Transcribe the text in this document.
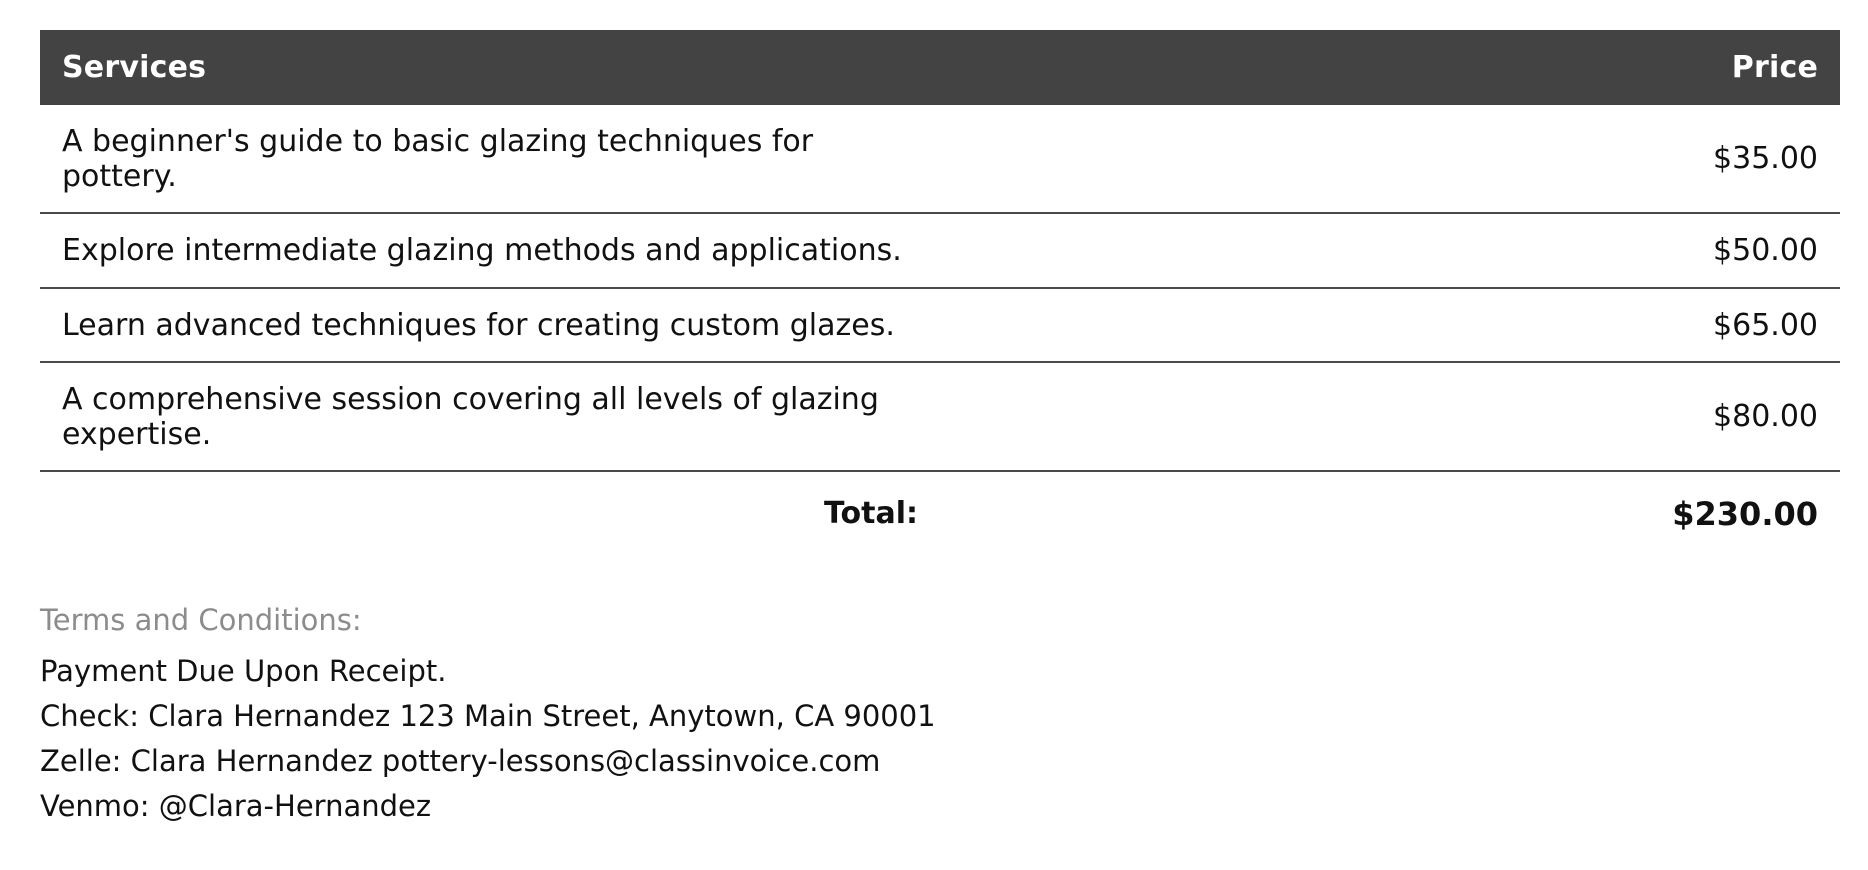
Services	Price
A beginner's guide to basic glazing techniques for pottery.	$35.00
Explore intermediate glazing methods and applications.	$50.00
Learn advanced techniques for creating custom glazes.	$65.00
A comprehensive session covering all levels of glazing expertise.	$80.00
Total:	$230.00
Terms and Conditions:
Payment Due Upon Receipt.
Check: Clara Hernandez 123 Main Street, Anytown, CA 90001
Zelle: Clara Hernandez pottery-lessons@classinvoice.com
Venmo: @Clara-Hernandez
